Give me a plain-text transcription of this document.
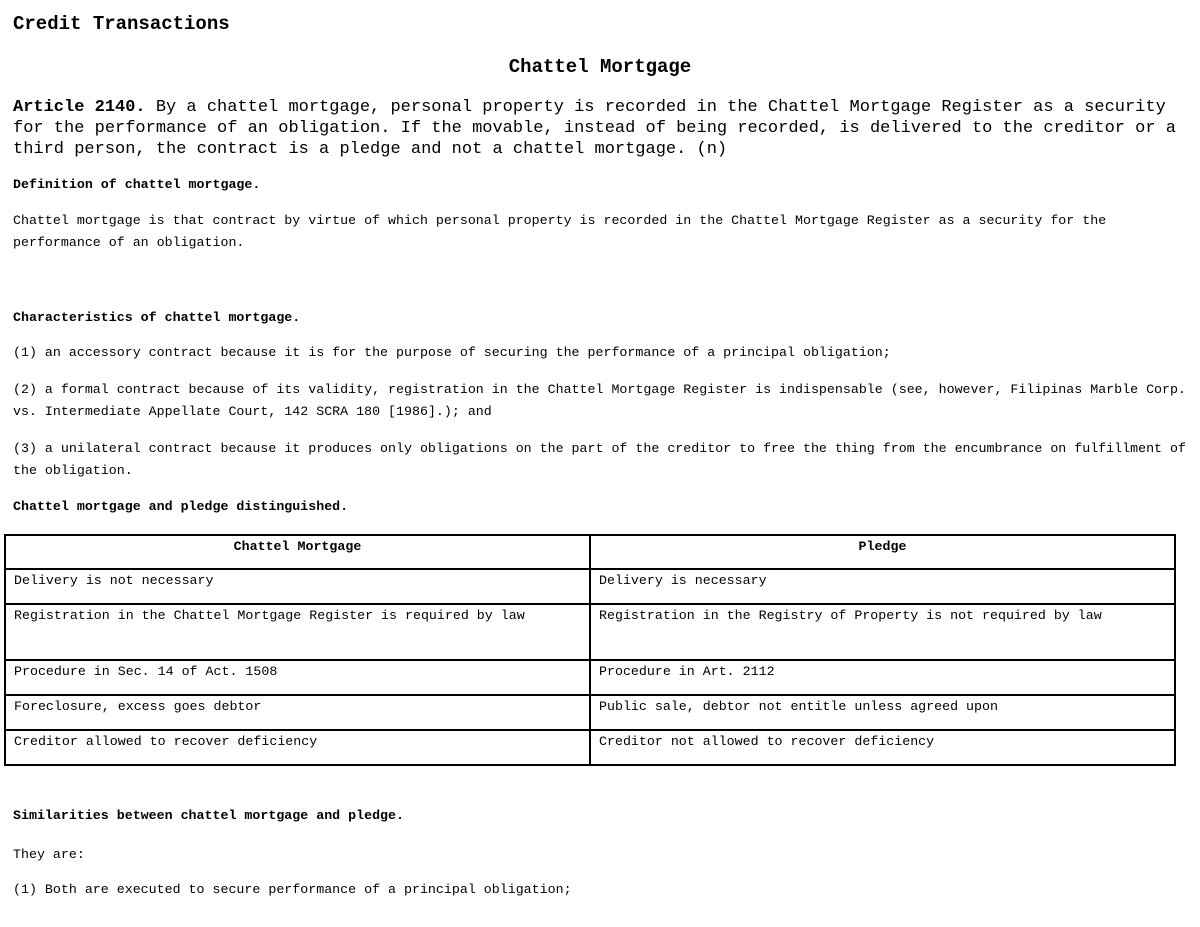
Credit Transactions
Chattel Mortgage
Article 2140. By a chattel mortgage, personal property is recorded in the Chattel Mortgage Register as a security for the performance of an obligation. If the movable, instead of being recorded, is delivered to the creditor or a third person, the contract is a pledge and not a chattel mortgage. (n)
Definition of chattel mortgage.
Chattel mortgage is that contract by virtue of which personal property is recorded in the Chattel Mortgage Register as a security for the performance of an obligation.
Characteristics of chattel mortgage.
(1) an accessory contract because it is for the purpose of securing the performance of a principal obligation;
(2) a formal contract because of its validity, registration in the Chattel Mortgage Register is indispensable (see, however, Filipinas Marble Corp. vs. Intermediate Appellate Court, 142 SCRA 180 [1986].); and
(3) a unilateral contract because it produces only obligations on the part of the creditor to free the thing from the encumbrance on fulfillment of the obligation.
Chattel mortgage and pledge distinguished.
Chattel Mortgage	Pledge
Delivery is not necessary	Delivery is necessary
Registration in the Chattel Mortgage Register is required by law	Registration in the Registry of Property is not required by law
Procedure in Sec. 14 of Act. 1508	Procedure in Art. 2112
Foreclosure, excess goes debtor	Public sale, debtor not entitle unless agreed upon
Creditor allowed to recover deficiency	Creditor not allowed to recover deficiency
Similarities between chattel mortgage and pledge.
They are:
(1) Both are executed to secure performance of a principal obligation;
